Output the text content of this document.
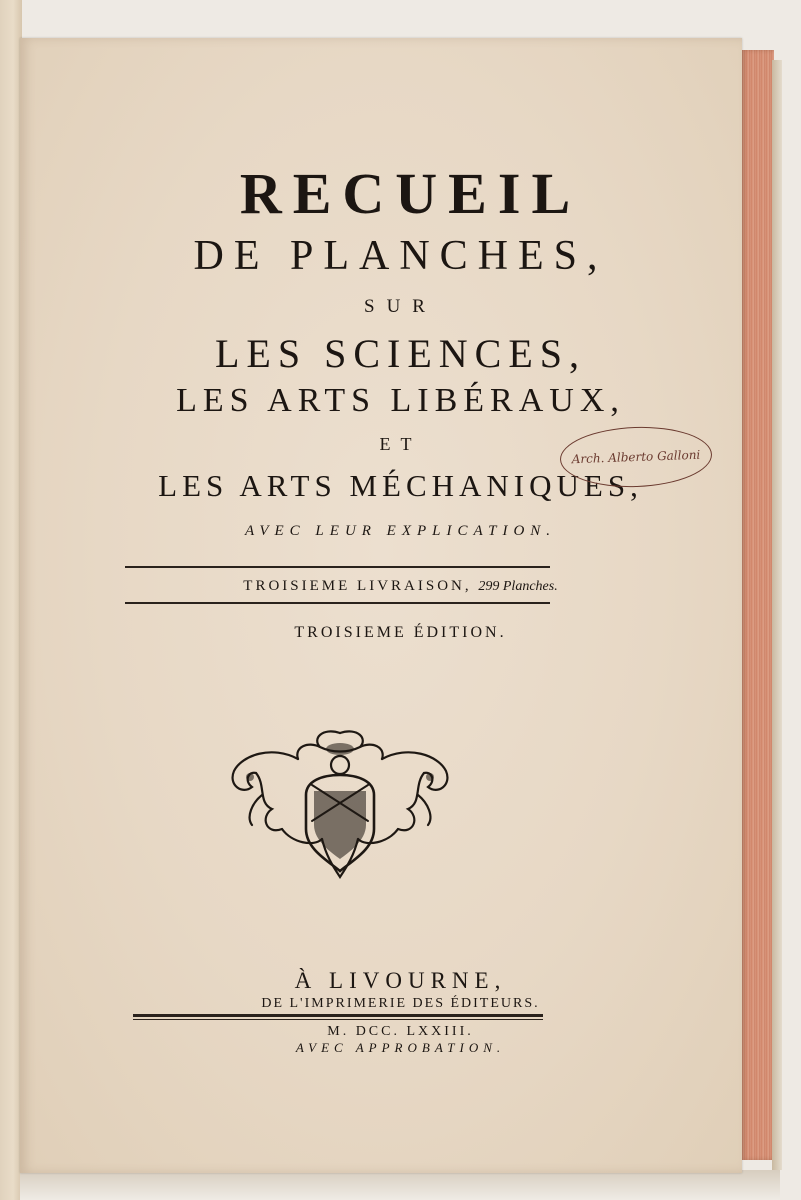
RECUEIL
DE PLANCHES,
SUR
LES SCIENCES,
LES ARTS LIBÉRAUX,
ET
LES ARTS MÉCHANIQUES,
AVEC LEUR EXPLICATION.
TROISIEME LIVRAISON, 299 Planches.
TROISIEME ÉDITION.
Arch. Alberto Galloni
À LIVOURNE,
DE L'IMPRIMERIE DES ÉDITEURS.
M. DCC. LXXIII.
AVEC APPROBATION.
